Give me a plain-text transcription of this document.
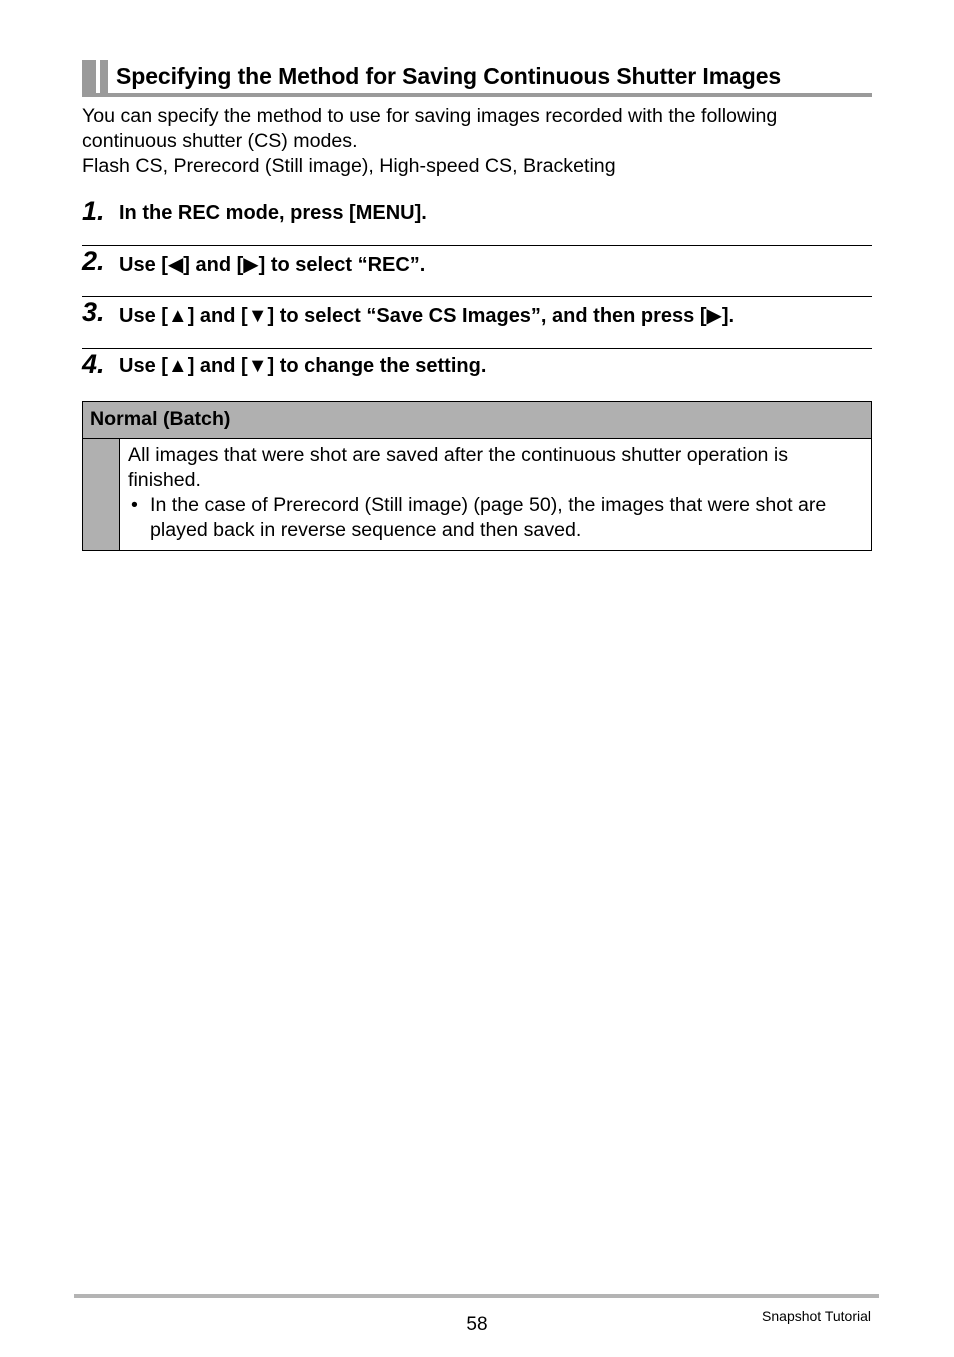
Specifying the Method for Saving Continuous Shutter Images

You can specify the method to use for saving images recorded with the following continuous shutter (CS) modes.

Flash CS, Prerecord (Still image), High-speed CS, Bracketing

1. In the REC mode, press [MENU].
2. Use [◀] and [▶] to select “REC”.
3. Use [▲] and [▼] to select “Save CS Images”, and then press [▶].
4. Use [▲] and [▼] to change the setting.
Normal (Batch)

All images that were shot are saved after the continuous shutter operation is finished.

• In the case of Prerecord (Still image) (page 50), the images that were shot are played back in reverse sequence and then saved.

58	Snapshot Tutorial
